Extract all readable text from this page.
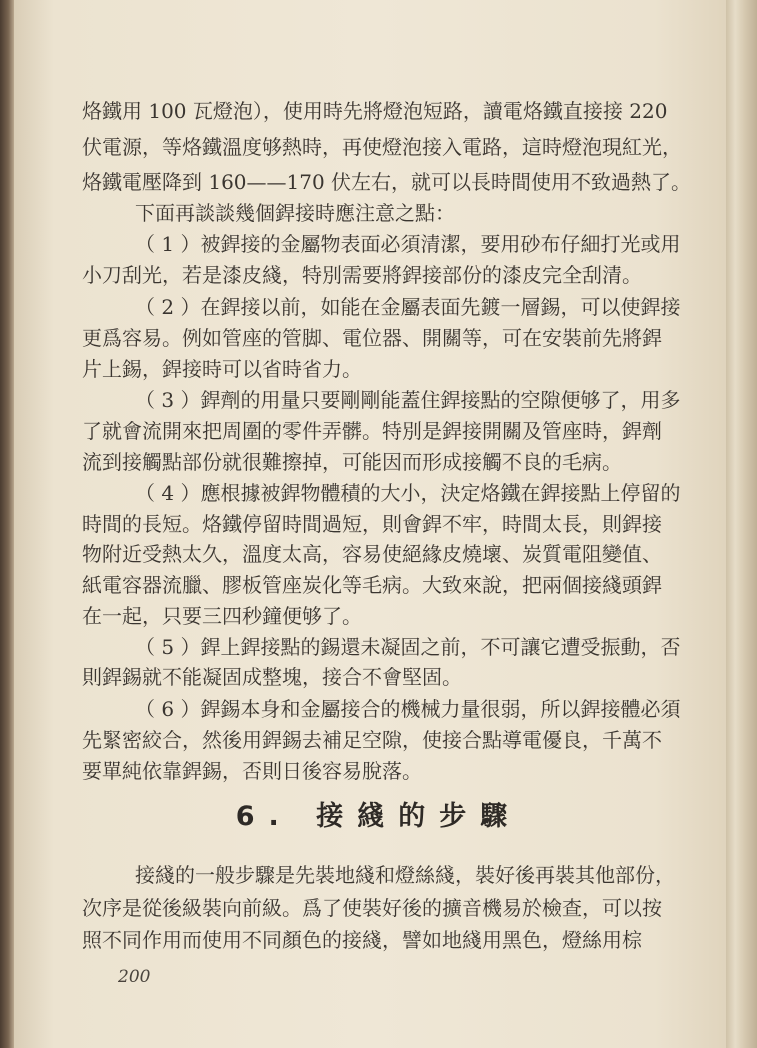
烙鐵用 100 瓦燈泡），使用時先將燈泡短路，讀電烙鐵直接接 220
伏電源，等烙鐵溫度够熱時，再使燈泡接入電路，這時燈泡現紅光，
烙鐵電壓降到 160——170 伏左右，就可以長時間使用不致過熱了。
下面再談談幾個銲接時應注意之點：
（ 1 ）被銲接的金屬物表面必須清潔，要用砂布仔細打光或用
小刀刮光，若是漆皮綫，特別需要將銲接部份的漆皮完全刮清。
（ 2 ）在銲接以前，如能在金屬表面先鍍一層錫，可以使銲接
更爲容易。例如管座的管脚、電位器、開關等，可在安裝前先將銲
片上錫，銲接時可以省時省力。
（ 3 ）銲劑的用量只要剛剛能蓋住銲接點的空隙便够了，用多
了就會流開來把周圍的零件弄髒。特別是銲接開關及管座時，銲劑
流到接觸點部份就很難擦掉，可能因而形成接觸不良的毛病。
（ 4 ）應根據被銲物體積的大小，決定烙鐵在銲接點上停留的
時間的長短。烙鐵停留時間過短，則會銲不牢，時間太長，則銲接
物附近受熱太久，溫度太高，容易使絕緣皮燒壞、炭質電阻變值、
紙電容器流臘、膠板管座炭化等毛病。大致來說，把兩個接綫頭銲
在一起，只要三四秒鐘便够了。
（ 5 ）銲上銲接點的錫還未凝固之前，不可讓它遭受振動，否
則銲錫就不能凝固成整塊，接合不會堅固。
（ 6 ）銲錫本身和金屬接合的機械力量很弱，所以銲接體必須
先緊密絞合，然後用銲錫去補足空隙，使接合點導電優良，千萬不
要單純依靠銲錫，否則日後容易脫落。
6. 接綫的步驟
接綫的一般步驟是先裝地綫和燈絲綫，裝好後再裝其他部份，
次序是從後級裝向前級。爲了使裝好後的擴音機易於檢查，可以按
照不同作用而使用不同顏色的接綫，譬如地綫用黑色，燈絲用棕
200
